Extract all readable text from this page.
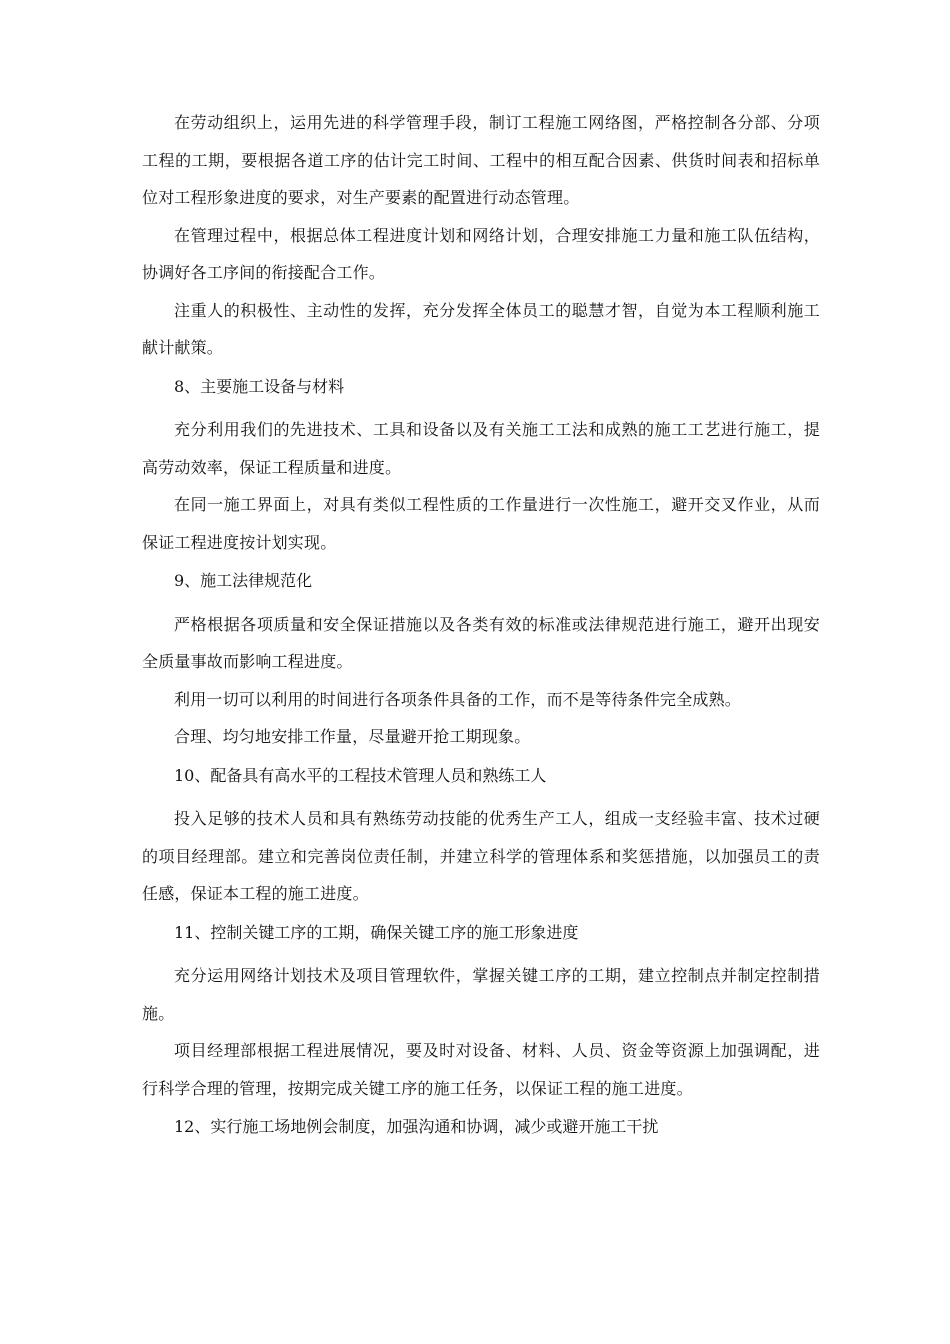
在劳动组织上，运用先进的科学管理手段，制订工程施工网络图，严格控制各分部、分项工程的工期，要根据各道工序的估计完工时间、工程中的相互配合因素、供货时间表和招标单位对工程形象进度的要求，对生产要素的配置进行动态管理。

在管理过程中，根据总体工程进度计划和网络计划，合理安排施工力量和施工队伍结构，协调好各工序间的衔接配合工作。

注重人的积极性、主动性的发挥，充分发挥全体员工的聪慧才智，自觉为本工程顺利施工献计献策。

8、主要施工设备与材料

充分利用我们的先进技术、工具和设备以及有关施工工法和成熟的施工工艺进行施工，提高劳动效率，保证工程质量和进度。

在同一施工界面上，对具有类似工程性质的工作量进行一次性施工，避开交叉作业，从而保证工程进度按计划实现。

9、施工法律规范化

严格根据各项质量和安全保证措施以及各类有效的标准或法律规范进行施工，避开出现安全质量事故而影响工程进度。

利用一切可以利用的时间进行各项条件具备的工作，而不是等待条件完全成熟。

合理、均匀地安排工作量，尽量避开抢工期现象。

10、配备具有高水平的工程技术管理人员和熟练工人

投入足够的技术人员和具有熟练劳动技能的优秀生产工人，组成一支经验丰富、技术过硬的项目经理部。建立和完善岗位责任制，并建立科学的管理体系和奖惩措施，以加强员工的责任感，保证本工程的施工进度。

11、控制关键工序的工期，确保关键工序的施工形象进度

充分运用网络计划技术及项目管理软件，掌握关键工序的工期，建立控制点并制定控制措施。

项目经理部根据工程进展情况，要及时对设备、材料、人员、资金等资源上加强调配，进行科学合理的管理，按期完成关键工序的施工任务，以保证工程的施工进度。

12、实行施工场地例会制度，加强沟通和协调，减少或避开施工干扰
